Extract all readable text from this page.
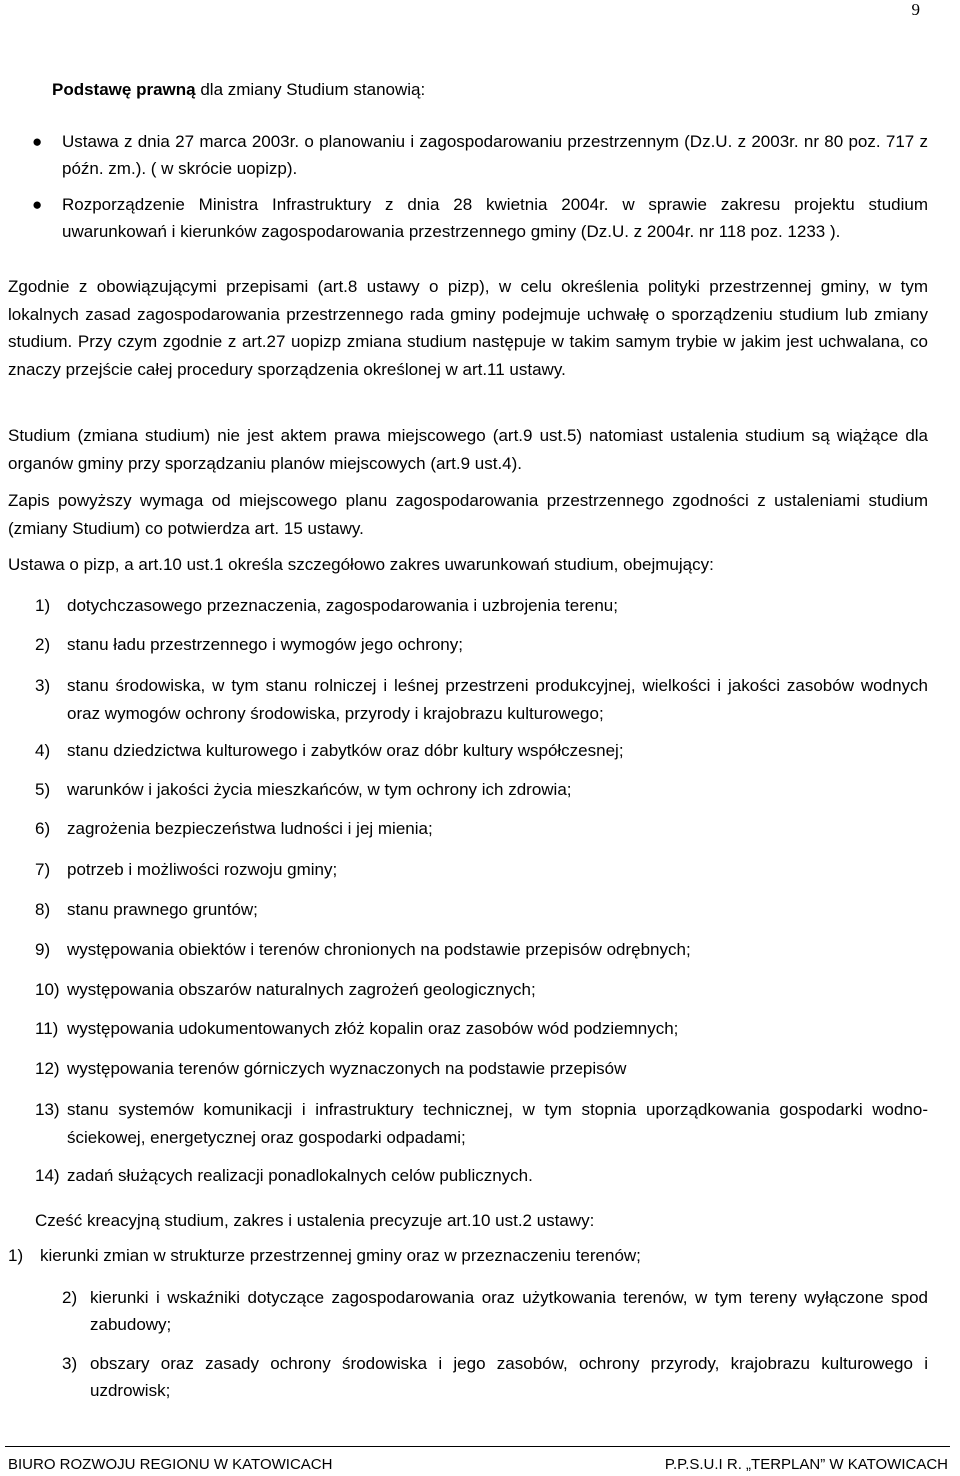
9
Podstawę prawną dla zmiany Studium stanowią:
● Ustawa z dnia 27 marca 2003r. o planowaniu i zagospodarowaniu przestrzennym (Dz.U. z 2003r. nr 80 poz. 717 z późn. zm.). ( w skrócie uopizp).
● Rozporządzenie Ministra Infrastruktury z dnia 28 kwietnia 2004r. w sprawie zakresu projektu studium uwarunkowań i kierunków zagospodarowania przestrzennego gminy (Dz.U. z 2004r. nr 118 poz. 1233 ).
Zgodnie z obowiązującymi przepisami (art.8 ustawy o pizp), w celu określenia polityki przestrzennej gminy, w tym lokalnych zasad zagospodarowania przestrzennego rada gminy podejmuje uchwałę o sporządzeniu studium lub zmiany studium. Przy czym zgodnie z art.27 uopizp zmiana studium następuje w takim samym trybie w jakim jest uchwalana, co znaczy przejście całej procedury sporządzenia określonej w art.11 ustawy.
Studium (zmiana studium) nie jest aktem prawa miejscowego (art.9 ust.5) natomiast ustalenia studium są wiążące dla organów gminy przy sporządzaniu planów miejscowych (art.9 ust.4).
Zapis powyższy wymaga od miejscowego planu zagospodarowania przestrzennego zgodności z ustaleniami studium (zmiany Studium) co potwierdza art. 15 ustawy.
Ustawa o pizp, a art.10 ust.1 określa szczegółowo zakres uwarunkowań studium, obejmujący:
1) dotychczasowego przeznaczenia, zagospodarowania i uzbrojenia terenu;
2) stanu ładu przestrzennego i wymogów jego ochrony;
3) stanu środowiska, w tym stanu rolniczej i leśnej przestrzeni produkcyjnej, wielkości i jakości zasobów wodnych oraz wymogów ochrony środowiska, przyrody i krajobrazu kulturowego;
4) stanu dziedzictwa kulturowego i zabytków oraz dóbr kultury współczesnej;
5) warunków i jakości życia mieszkańców, w tym ochrony ich zdrowia;
6) zagrożenia bezpieczeństwa ludności i jej mienia;
7) potrzeb i możliwości rozwoju gminy;
8) stanu prawnego gruntów;
9) występowania obiektów i terenów chronionych na podstawie przepisów odrębnych;
10) występowania obszarów naturalnych zagrożeń geologicznych;
11) występowania udokumentowanych złóż kopalin oraz zasobów wód podziemnych;
12) występowania terenów górniczych wyznaczonych na podstawie przepisów
13) stanu systemów komunikacji i infrastruktury technicznej, w tym stopnia uporządkowania gospodarki wodno-ściekowej, energetycznej oraz gospodarki odpadami;
14) zadań służących realizacji ponadlokalnych celów publicznych.
Cześć kreacyjną studium, zakres i ustalenia precyzuje art.10 ust.2 ustawy:
1) kierunki zmian w strukturze przestrzennej gminy oraz w przeznaczeniu terenów;
2) kierunki i wskaźniki dotyczące zagospodarowania oraz użytkowania terenów, w tym tereny wyłączone spod zabudowy;
3) obszary oraz zasady ochrony środowiska i jego zasobów, ochrony przyrody, krajobrazu kulturowego i uzdrowisk;
BIURO ROZWOJU REGIONU W KATOWICACH	P.P.S.U.I R. „TERPLAN” W KATOWICACH
